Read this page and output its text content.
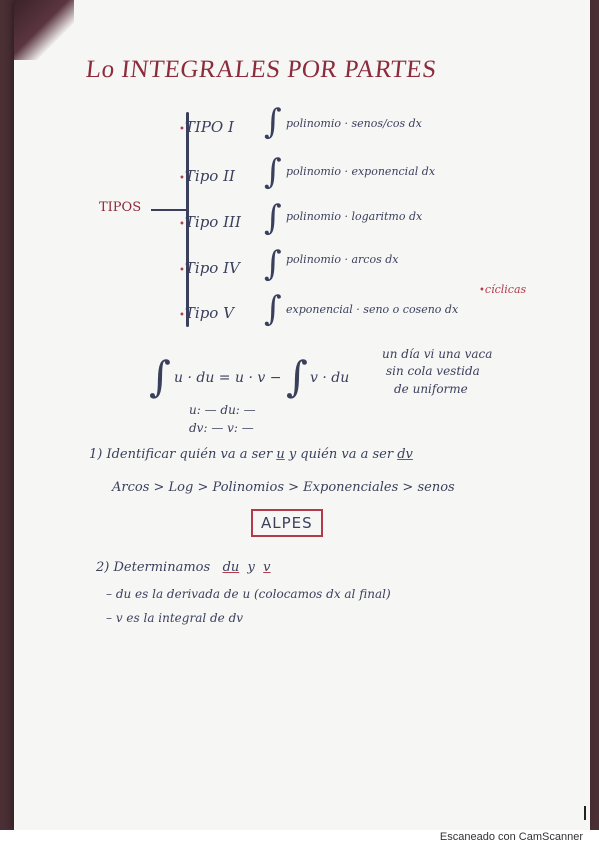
Lo INTEGRALES POR PARTES
TIPOS
•TIPO I ∫ polinomio · senos/cos dx
•Tipo II ∫ polinomio · exponencial dx
•Tipo III ∫ polinomio · logaritmo dx
•Tipo IV ∫ polinomio · arcos dx
•Tipo V ∫ exponencial · seno o coseno dx
•cíclicas
∫ u · du = u · v − ∫ v · du
u: — du: —
dv: — v: —
un día vi una vaca
sin cola vestida
de uniforme
1) Identificar quién va a ser u y quién va a ser dv
Arcos > Log > Polinomios > Exponenciales > senos
ALPES
2) Determinamos du y v
– du es la derivada de u (colocamos dx al final)
– v es la integral de dv
Escaneado con CamScanner
